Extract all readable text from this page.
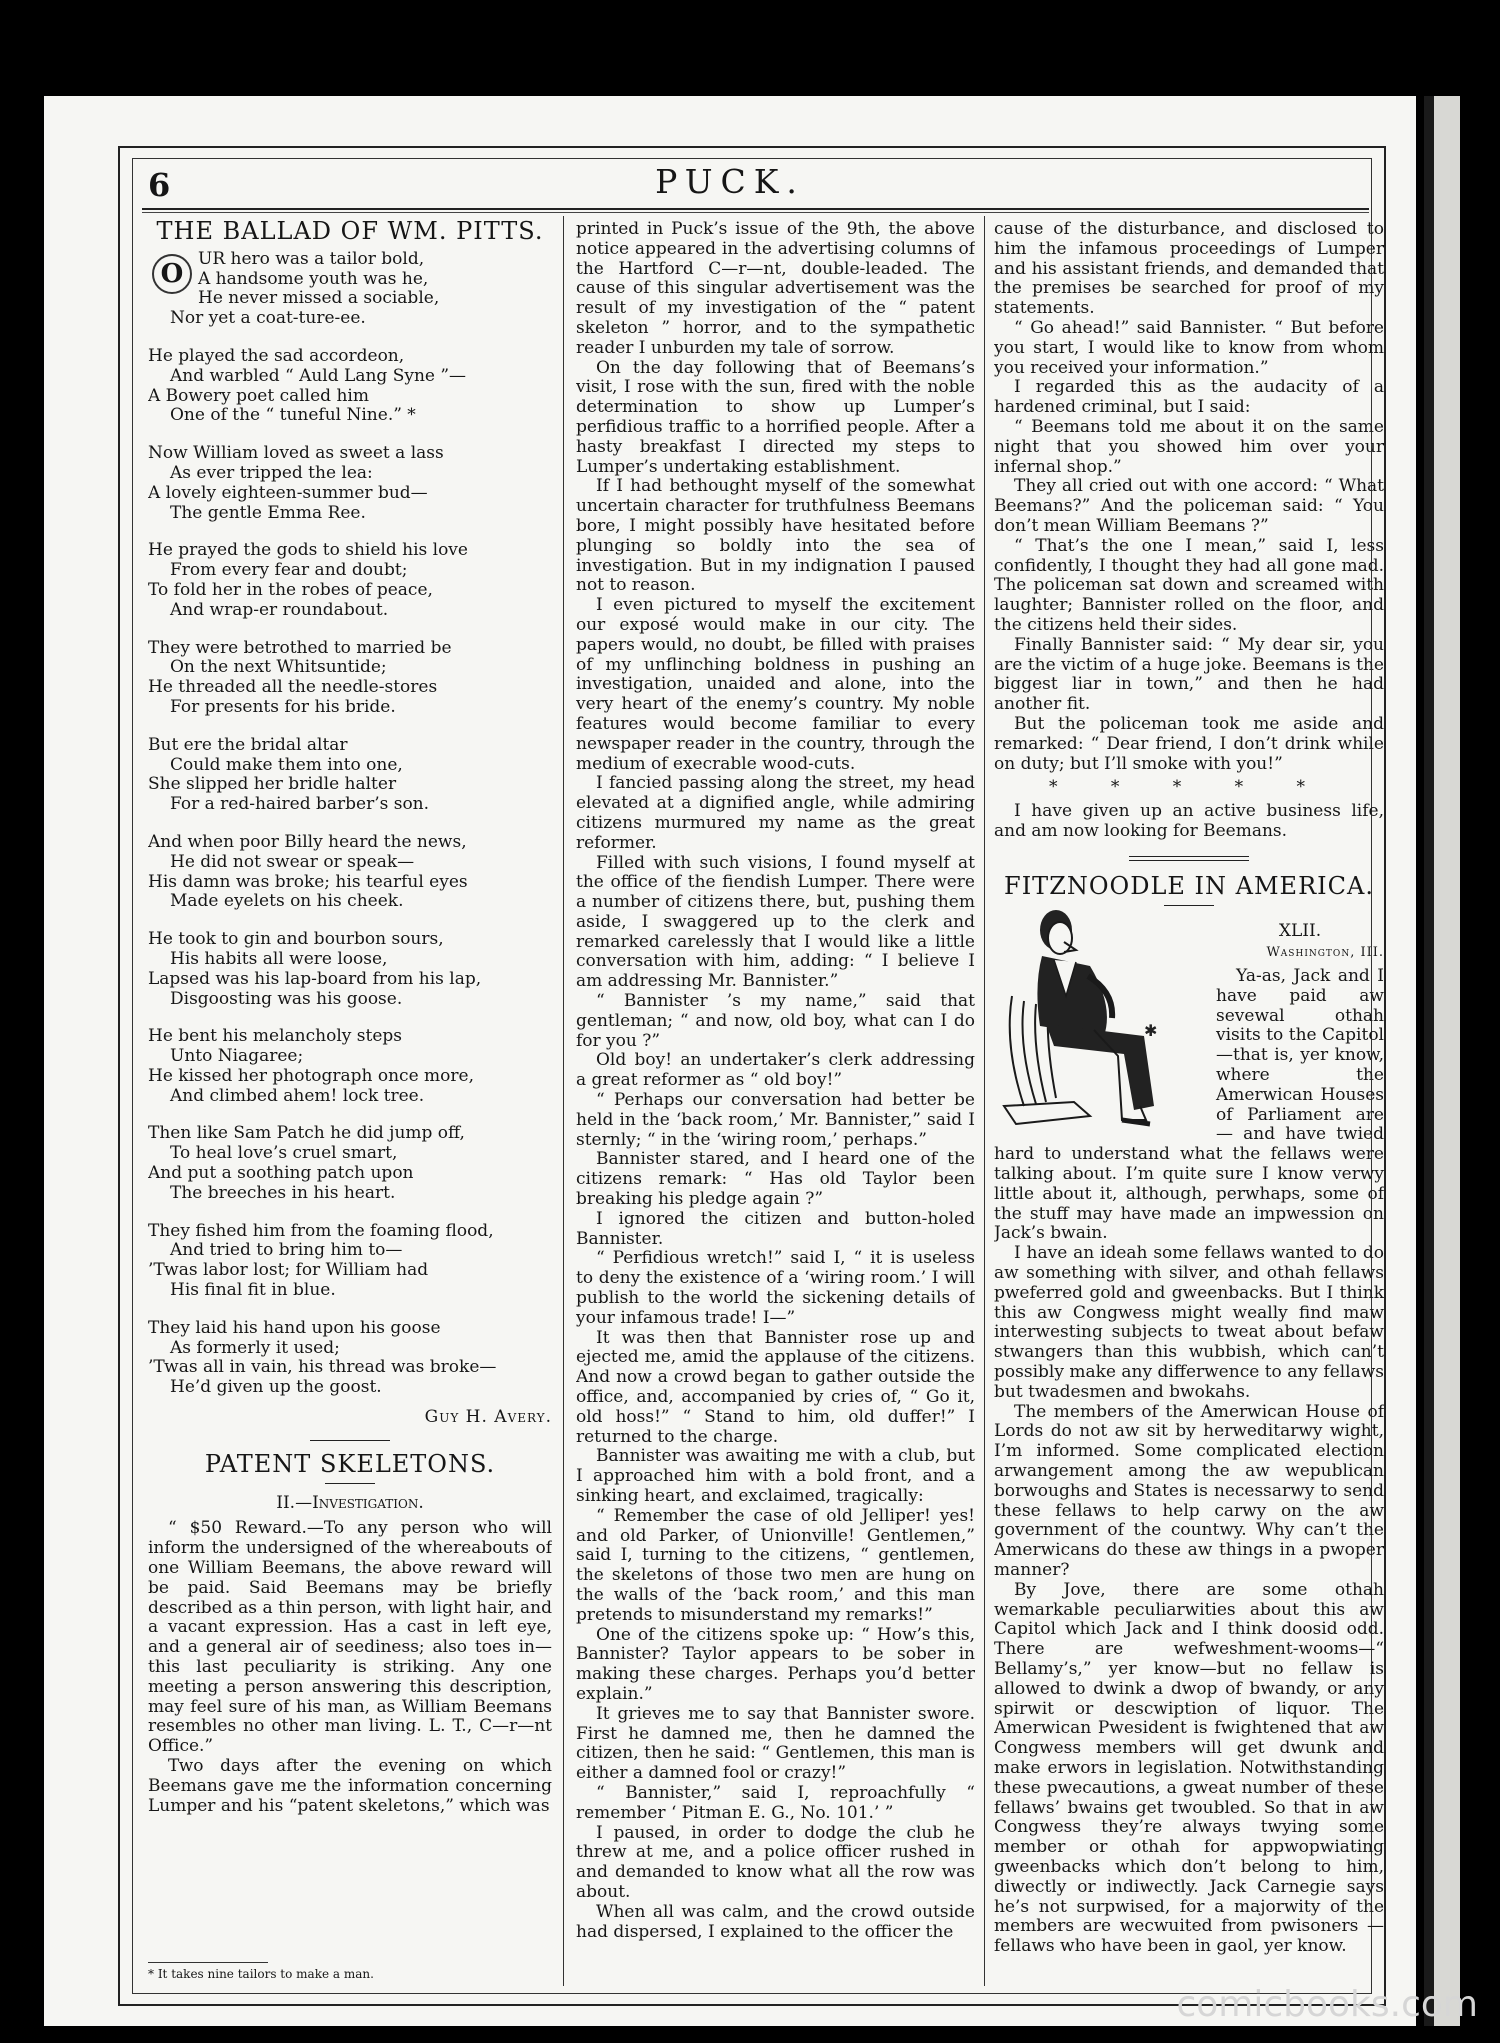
6	PUCK.
THE BALLAD OF WM. PITTS.

O UR hero was a tailor bold,
A handsome youth was he,
He never missed a sociable,
Nor yet a coat-ture-ee.

He played the sad accordeon,
And warbled “ Auld Lang Syne ”—
A Bowery poet called him
One of the “ tuneful Nine.” *

Now William loved as sweet a lass
As ever tripped the lea:
A lovely eighteen-summer bud—
The gentle Emma Ree.

He prayed the gods to shield his love
From every fear and doubt;
To fold her in the robes of peace,
And wrap-er roundabout.

They were betrothed to married be
On the next Whitsuntide;
He threaded all the needle-stores
For presents for his bride.

But ere the bridal altar
Could make them into one,
She slipped her bridle halter
For a red-haired barber’s son.

And when poor Billy heard the news,
He did not swear or speak—
His damn was broke; his tearful eyes
Made eyelets on his cheek.

He took to gin and bourbon sours,
His habits all were loose,
Lapsed was his lap-board from his lap,
Disgoosting was his goose.

He bent his melancholy steps
Unto Niagaree;
He kissed her photograph once more,
And climbed ahem! lock tree.

Then like Sam Patch he did jump off,
To heal love’s cruel smart,
And put a soothing patch upon
The breeches in his heart.

They fished him from the foaming flood,
And tried to bring him to—
’Twas labor lost; for William had
His final fit in blue.

They laid his hand upon his goose
As formerly it used;
’Twas all in vain, his thread was broke—
He’d given up the goost.

Guy H. Avery.
PATENT SKELETONS.
II.—Investigation.

“ $50 Reward.—To any person who will inform the undersigned of the whereabouts of one William Beemans, the above reward will be paid. Said Beemans may be briefly described as a thin person, with light hair, and a vacant expression. Has a cast in left eye, and a general air of seediness; also toes in—this last peculiarity is striking. Any one meeting a person answering this description, may feel sure of his man, as William Beemans resembles no other man living. L. T., C—r—nt Office.”

Two days after the evening on which Beemans gave me the information concerning Lumper and his “patent skeletons,” which was

* It takes nine tailors to make a man.

printed in Puck’s issue of the 9th, the above notice appeared in the advertising columns of the Hartford C—r—nt, double-leaded. The cause of this singular advertisement was the result of my investigation of the “ patent skeleton ” horror, and to the sympathetic reader I unburden my tale of sorrow.

On the day following that of Beemans’s visit, I rose with the sun, fired with the noble determination to show up Lumper’s perfidious traffic to a horrified people. After a hasty breakfast I directed my steps to Lumper’s undertaking establishment.

If I had bethought myself of the somewhat uncertain character for truthfulness Beemans bore, I might possibly have hesitated before plunging so boldly into the sea of investigation. But in my indignation I paused not to reason.

I even pictured to myself the excitement our exposé would make in our city. The papers would, no doubt, be filled with praises of my unflinching boldness in pushing an investigation, unaided and alone, into the very heart of the enemy’s country. My noble features would become familiar to every newspaper reader in the country, through the medium of execrable wood-cuts.

I fancied passing along the street, my head elevated at a dignified angle, while admiring citizens murmured my name as the great reformer.

Filled with such visions, I found myself at the office of the fiendish Lumper. There were a number of citizens there, but, pushing them aside, I swaggered up to the clerk and remarked carelessly that I would like a little conversation with him, adding: “ I believe I am addressing Mr. Bannister.”

“ Bannister ’s my name,” said that gentleman; “ and now, old boy, what can I do for you ?”

Old boy! an undertaker’s clerk addressing a great reformer as “ old boy!”

“ Perhaps our conversation had better be held in the ‘back room,’ Mr. Bannister,” said I sternly; “ in the ‘wiring room,’ perhaps.”

Bannister stared, and I heard one of the citizens remark: “ Has old Taylor been breaking his pledge again ?”

I ignored the citizen and button-holed Bannister.

“ Perfidious wretch!” said I, “ it is useless to deny the existence of a ‘wiring room.’ I will publish to the world the sickening details of your infamous trade! I—”

It was then that Bannister rose up and ejected me, amid the applause of the citizens. And now a crowd began to gather outside the office, and, accompanied by cries of, “ Go it, old hoss!” “ Stand to him, old duffer!” I returned to the charge.

Bannister was awaiting me with a club, but I approached him with a bold front, and a sinking heart, and exclaimed, tragically:

“ Remember the case of old Jelliper! yes! and old Parker, of Unionville! Gentlemen,” said I, turning to the citizens, “ gentlemen, the skeletons of those two men are hung on the walls of the ‘back room,’ and this man pretends to misunderstand my remarks!”

One of the citizens spoke up: “ How’s this, Bannister? Taylor appears to be sober in making these charges. Perhaps you’d better explain.”

It grieves me to say that Bannister swore. First he damned me, then he damned the citizen, then he said: “ Gentlemen, this man is either a damned fool or crazy!”

“ Bannister,” said I, reproachfully “ remember ‘ Pitman E. G., No. 101.’ ”

I paused, in order to dodge the club he threw at me, and a police officer rushed in and demanded to know what all the row was about.

When all was calm, and the crowd outside had dispersed, I explained to the officer the

cause of the disturbance, and disclosed to him the infamous proceedings of Lumper and his assistant friends, and demanded that the premises be searched for proof of my statements.

“ Go ahead!” said Bannister. “ But before you start, I would like to know from whom you received your information.”

I regarded this as the audacity of a hardened criminal, but I said:

“ Beemans told me about it on the same night that you showed him over your infernal shop.”

They all cried out with one accord: “ What Beemans?” And the policeman said: “ You don’t mean William Beemans ?”

“ That’s the one I mean,” said I, less confidently, I thought they had all gone mad. The policeman sat down and screamed with laughter; Bannister rolled on the floor, and the citizens held their sides.

Finally Bannister said: “ My dear sir, you are the victim of a huge joke. Beemans is the biggest liar in town,” and then he had another fit.

But the policeman took me aside and remarked: “ Dear friend, I don’t drink while on duty; but I’ll smoke with you!”

* * * * *

I have given up an active business life, and am now looking for Beemans.

FITZNOODLE IN AMERICA.
✱
XLII.
Washington, III.

Ya-as, Jack and I have paid aw sevewal othah visits to the Capitol—that is, yer know, where the Amerwican Houses of Parliament are — and have twied hard to understand what the fellaws were talking about. I’m quite sure I know verwy little about it, although, perwhaps, some of the stuff may have made an impwession on Jack’s bwain.

I have an ideah some fellaws wanted to do aw something with silver, and othah fellaws pweferred gold and gweenbacks. But I think this aw Congwess might weally find maw interwesting subjects to tweat about befaw stwangers than this wubbish, which can’t possibly make any differwence to any fellaws but twadesmen and bwokahs.

The members of the Amerwican House of Lords do not aw sit by herweditarwy wight, I’m informed. Some complicated election arwangement among the aw wepublican borwoughs and States is necessarwy to send these fellaws to help carwy on the aw government of the countwy. Why can’t the Amerwicans do these aw things in a pwoper manner?

By Jove, there are some othah wemarkable peculiarwities about this aw Capitol which Jack and I think doosid odd. There are wefweshment-wooms—“ Bellamy’s,” yer know—but no fellaw is allowed to dwink a dwop of bwandy, or any spirwit or descwiption of liquor. The Amerwican Pwesident is fwightened that aw Congwess members will get dwunk and make erwors in legislation. Notwithstanding these pwecautions, a gweat number of these fellaws’ bwains get twoubled. So that in aw Congwess they’re always twying some member or othah for appwopwiating gweenbacks which don’t belong to him, diwectly or indiwectly. Jack Carnegie says he’s not surpwised, for a majorwity of the members are wecwuited from pwisoners —fellaws who have been in gaol, yer know.

comicbooks.com
